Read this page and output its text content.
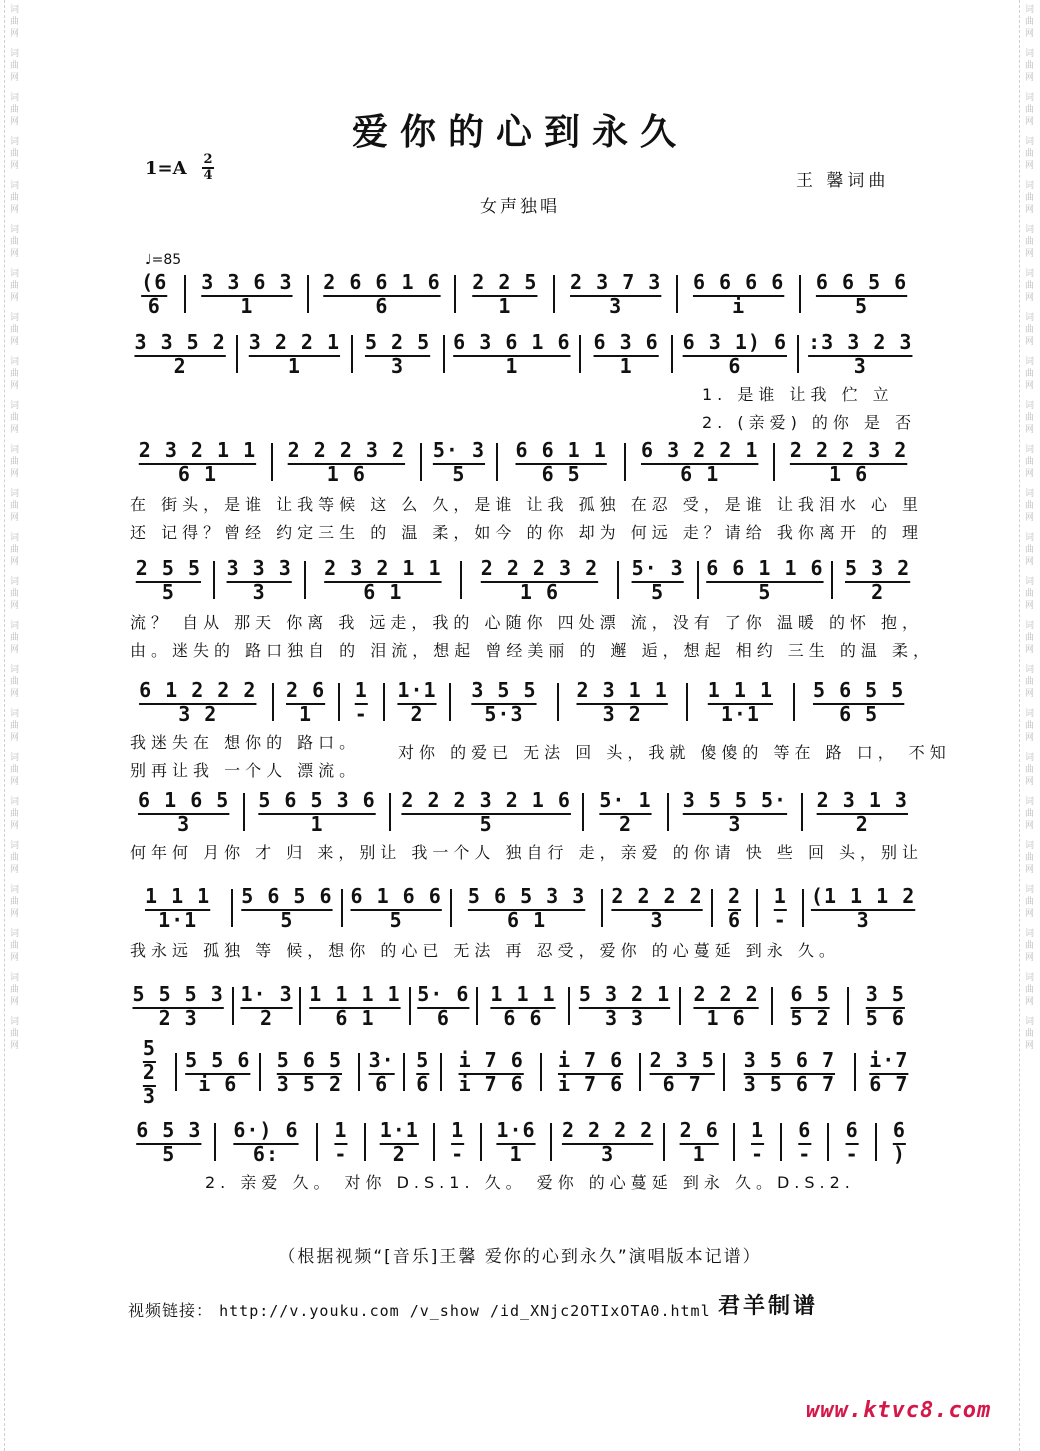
词曲网
词曲网
词曲网
词曲网
词曲网
词曲网
词曲网
词曲网
词曲网
词曲网
词曲网
词曲网
词曲网
词曲网
词曲网
词曲网
词曲网
词曲网
词曲网
词曲网
词曲网
词曲网
词曲网
词曲网
词曲网
词曲网
词曲网
词曲网
词曲网
词曲网
词曲网
词曲网
词曲网
词曲网
词曲网
词曲网
词曲网
词曲网
词曲网
词曲网
词曲网
词曲网
词曲网
词曲网
词曲网
词曲网
词曲网
词曲网
爱你的心到永久
1=A 2
4	王 馨词曲
女声独唱
♩=85
(6 6
3 3 6 3 1
2 6 6 1 6 6
2 2 5 1
2 3 7 3 3
6 6 6 6 i
6 6 5 6 5
3 3 5 2 2
3 2 2 1 1
5 2 5 3
6 3 6 1 6 1
6 3 6 1
6 3 1) 6 6
:3 3 2 3 3
2 3 2 1 1 6 1
2 2 2 3 2 1 6
5· 3 5
6 6 1 1 6 5
6 3 2 2 1 6 1
2 2 2 3 2 1 6
2 5 5 5
3 3 3 3
2 3 2 1 1 6 1
2 2 2 3 2 1 6
5· 3 5
6 6 1 1 6 5
5 3 2 2
6 1 2 2 2 3 2
2 6 1
1 -
1·1 2
3 5 5 5·3
2 3 1 1 3 2
1 1 1 1·1
5 6 5 5 6 5
6 1 6 5 3
5 6 5 3 6 1
2 2 2 3 2 1 6 5
5· 1 2
3 5 5 5· 3
2 3 1 3 2
1 1 1 1·1
5 6 5 6 5
6 1 6 6 5
5 6 5 3 3 6 1
2 2 2 2 3
2 6
1 -
(1 1 1 2 3
5 5 5 3 2 3
1· 3 2
1 1 1 1 6 1
5· 6 6
1 1 1 6 6
5 3 2 1 3 3
2 2 2 1 6
6 5 5 2
3 5 5 6
5 2 3
5 5 6 i 6
5 6 5 3 5 2
3· 6
5 6
i 7 6 i 7 6
i 7 6 i 7 6
2 3 5 6 7
3 5 6 7 3 5 6 7
i·7 6 7
6 5 3 5
6·) 6 6:
1 -
1·1 2
1 -
1·6 1
2 2 2 2 3
2 6 1
1 -
6 -
6 -
6 )
1. 是谁 让我 伫 立
2. (亲爱) 的你 是 否
在 街头，是谁 让我等候 这 么 久，是谁 让我 孤独 在忍 受，是谁 让我泪水 心 里
还 记得？曾经 约定三生 的 温 柔，如今 的你 却为 何远 走？请给 我你离开 的 理
流？ 自从 那天 你离 我 远走，我的 心随你 四处漂 流，没有 了你 温暖 的怀 抱，
由。迷失的 路口独自 的 泪流，想起 曾经美丽 的 邂 逅，想起 相约 三生 的温 柔，
我迷失在 想你的 路口。
别再让我 一个人 漂流。
对你 的爱已 无法 回 头，我就 傻傻的 等在 路 口， 不知
何年何 月你 才 归 来，别让 我一个人 独自行 走，亲爱 的你请 快 些 回 头，别让
我永远 孤独 等 候，想你 的心已 无法 再 忍受，爱你 的心蔓延 到永 久。
2. 亲爱 久。 对你 D.S.1. 久。 爱你 的心蔓延 到永 久。D.S.2.
（根据视频“[音乐]王馨 爱你的心到永久”演唱版本记谱）
视频链接： http://v.youku.com /v_show /id_XNjc2OTIxOTA0.html 君羊制谱
www.ktvc8.com
